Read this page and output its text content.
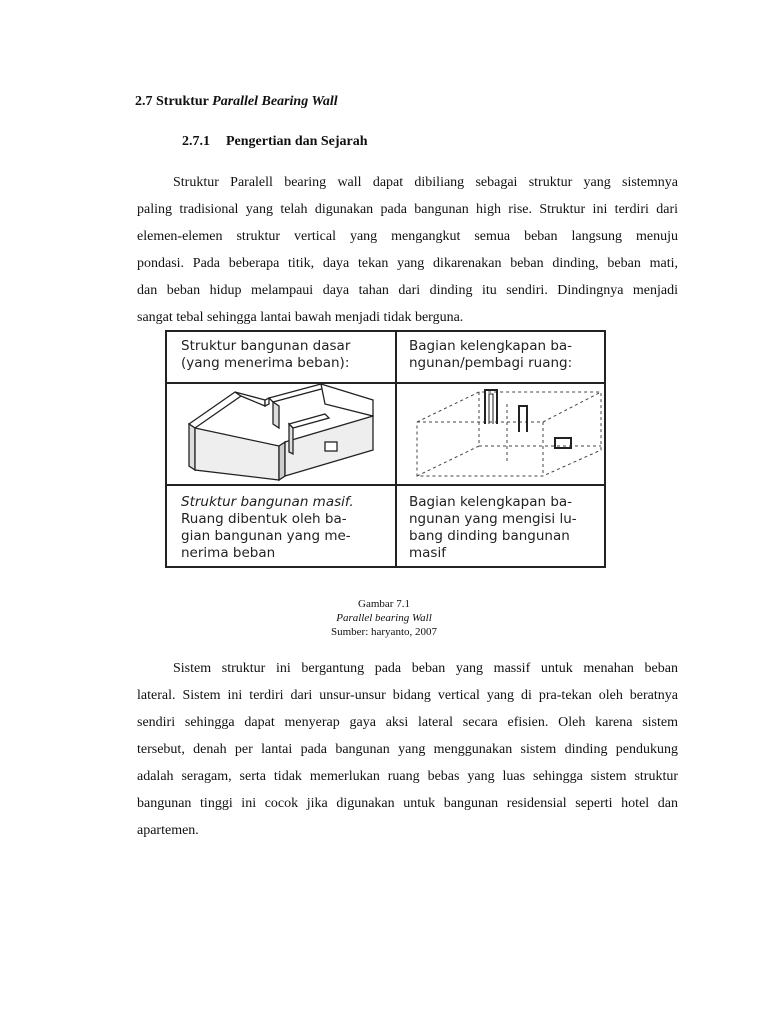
2.7 Struktur Parallel Bearing Wall
2.7.1 Pengertian dan Sejarah
Struktur Paralell bearing wall dapat dibiliang sebagai struktur yang sistemnya
paling tradisional yang telah digunakan pada bangunan high rise. Struktur ini terdiri dari
elemen-elemen struktur vertical yang mengangkut semua beban langsung menuju
pondasi. Pada beberapa titik, daya tekan yang dikarenakan beban dinding, beban mati,
dan beban hidup melampaui daya tahan dari dinding itu sendiri. Dindingnya menjadi
sangat tebal sehingga lantai bawah menjadi tidak berguna.
Struktur bangunan dasar
(yang menerima beban):
Bagian kelengkapan ba-
ngunan/pembagi ruang:
Struktur bangunan masif.
Ruang dibentuk oleh ba-
gian bangunan yang me-
nerima beban
Bagian kelengkapan ba-
ngunan yang mengisi lu-
bang dinding bangunan
masif
Gambar 7.1
Parallel bearing Wall
Sumber: haryanto, 2007
Sistem struktur ini bergantung pada beban yang massif untuk menahan beban
lateral. Sistem ini terdiri dari unsur-unsur bidang vertical yang di pra-tekan oleh beratnya
sendiri sehingga dapat menyerap gaya aksi lateral secara efisien. Oleh karena sistem
tersebut, denah per lantai pada bangunan yang menggunakan sistem dinding pendukung
adalah seragam, serta tidak memerlukan ruang bebas yang luas sehingga sistem struktur
bangunan tinggi ini cocok jika digunakan untuk bangunan residensial seperti hotel dan
apartemen.
